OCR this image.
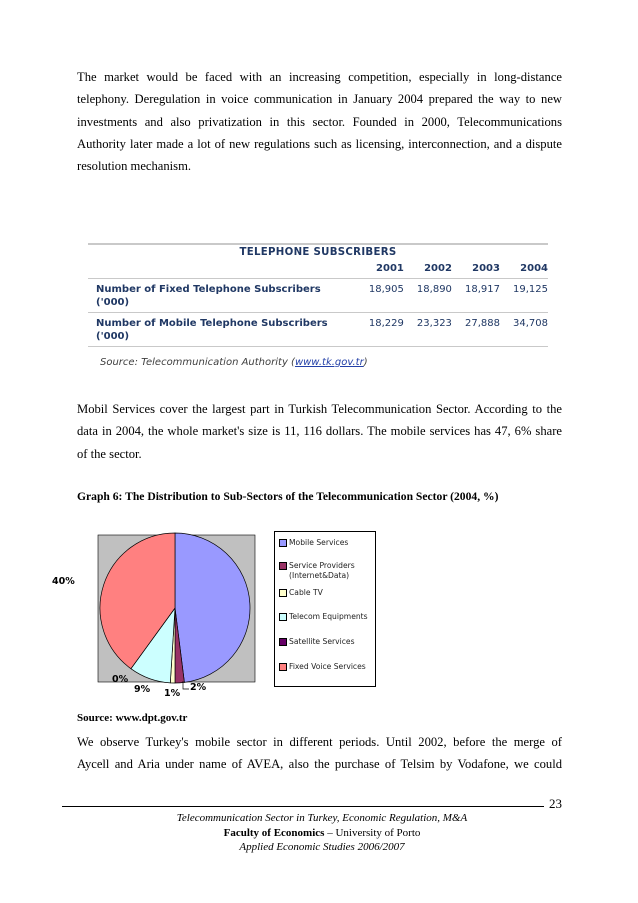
The market would be faced with an increasing competition, especially in long-distance
telephony. Deregulation in voice communication in January 2004 prepared the way to new
investments and also privatization in this sector. Founded in 2000, Telecommunications
Authority later made a lot of new regulations such as licensing, interconnection, and a dispute
resolution mechanism.
TELEPHONE SUBSCRIBERS
2001	2002	2003	2004
Number of Fixed Telephone Subscribers
('000)
18,905	18,890	18,917	19,125
Number of Mobile Telephone Subscribers
('000)
18,229	23,323	27,888	34,708
Source: Telecommunication Authority (www.tk.gov.tr)
Mobil Services cover the largest part in Turkish Telecommunication Sector. According to the
data in 2004, the whole market's size is 11, 116 dollars. The mobile services has 47, 6% share
of the sector.
Graph 6: The Distribution to Sub-Sectors of the Telecommunication Sector (2004, %)
2%
1%
9%
0%
40%
Mobile Services
Service Providers
(Internet&Data)
Cable TV
Telecom Equipments
Satellite Services
Fixed Voice Services
Source: www.dpt.gov.tr
We observe Turkey's mobile sector in different periods. Until 2002, before the merge of
Aycell and Aria under name of AVEA, also the purchase of Telsim by Vodafone, we could
23
Telecommunication Sector in Turkey, Economic Regulation, M&A
Faculty of Economics – University of Porto
Applied Economic Studies 2006/2007
